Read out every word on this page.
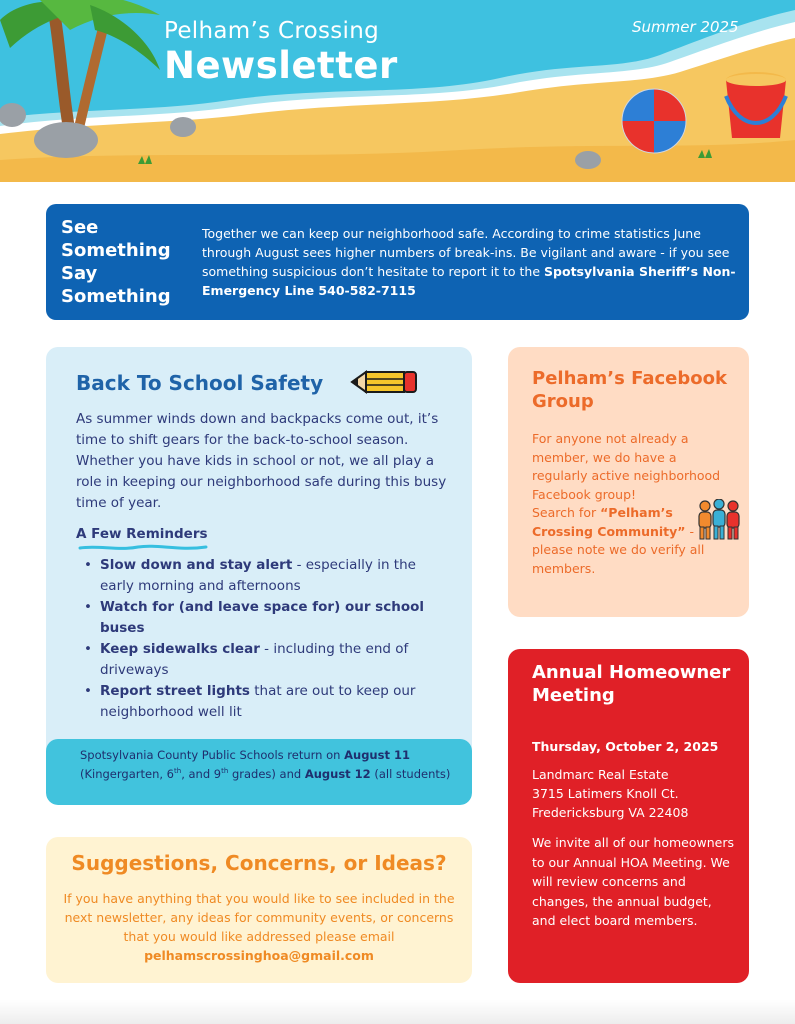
Pelham’s Crossing
Newsletter
Summer 2025
See
Something
Say
Something
Together we can keep our neighborhood safe. According to crime statistics June through August sees higher numbers of break-ins. Be vigilant and aware - if you see something suspicious don’t hesitate to report it to the Spotsylvania Sheriff’s Non-Emergency Line 540-582-7115
Back To School Safety
As summer winds down and backpacks come out, it’s time to shift gears for the back-to-school season. Whether you have kids in school or not, we all play a role in keeping our neighborhood safe during this busy time of year.
A Few Reminders
• Slow down and stay alert - especially in the early morning and afternoons
• Watch for (and leave space for) our school buses
• Keep sidewalks clear - including the end of driveways
• Report street lights that are out to keep our neighborhood well lit
Spotsylvania County Public Schools return on August 11 (Kingergarten, 6th, and 9th grades) and August 12 (all students)
Suggestions, Concerns, or Ideas?
If you have anything that you would like to see included in the next newsletter, any ideas for community events, or concerns that you would like addressed please email
pelhamscrossinghoa@gmail.com
Pelham’s Facebook Group
For anyone not already a member, we do have a regularly active neighborhood Facebook group!
Search for “Pelham’s Crossing Community” - please note we do verify all members.
Annual Homeowner Meeting
Thursday, October 2, 2025
Landmarc Real Estate
3715 Latimers Knoll Ct.
Fredericksburg VA 22408
We invite all of our homeowners to our Annual HOA Meeting. We will review concerns and changes, the annual budget, and elect board members.
